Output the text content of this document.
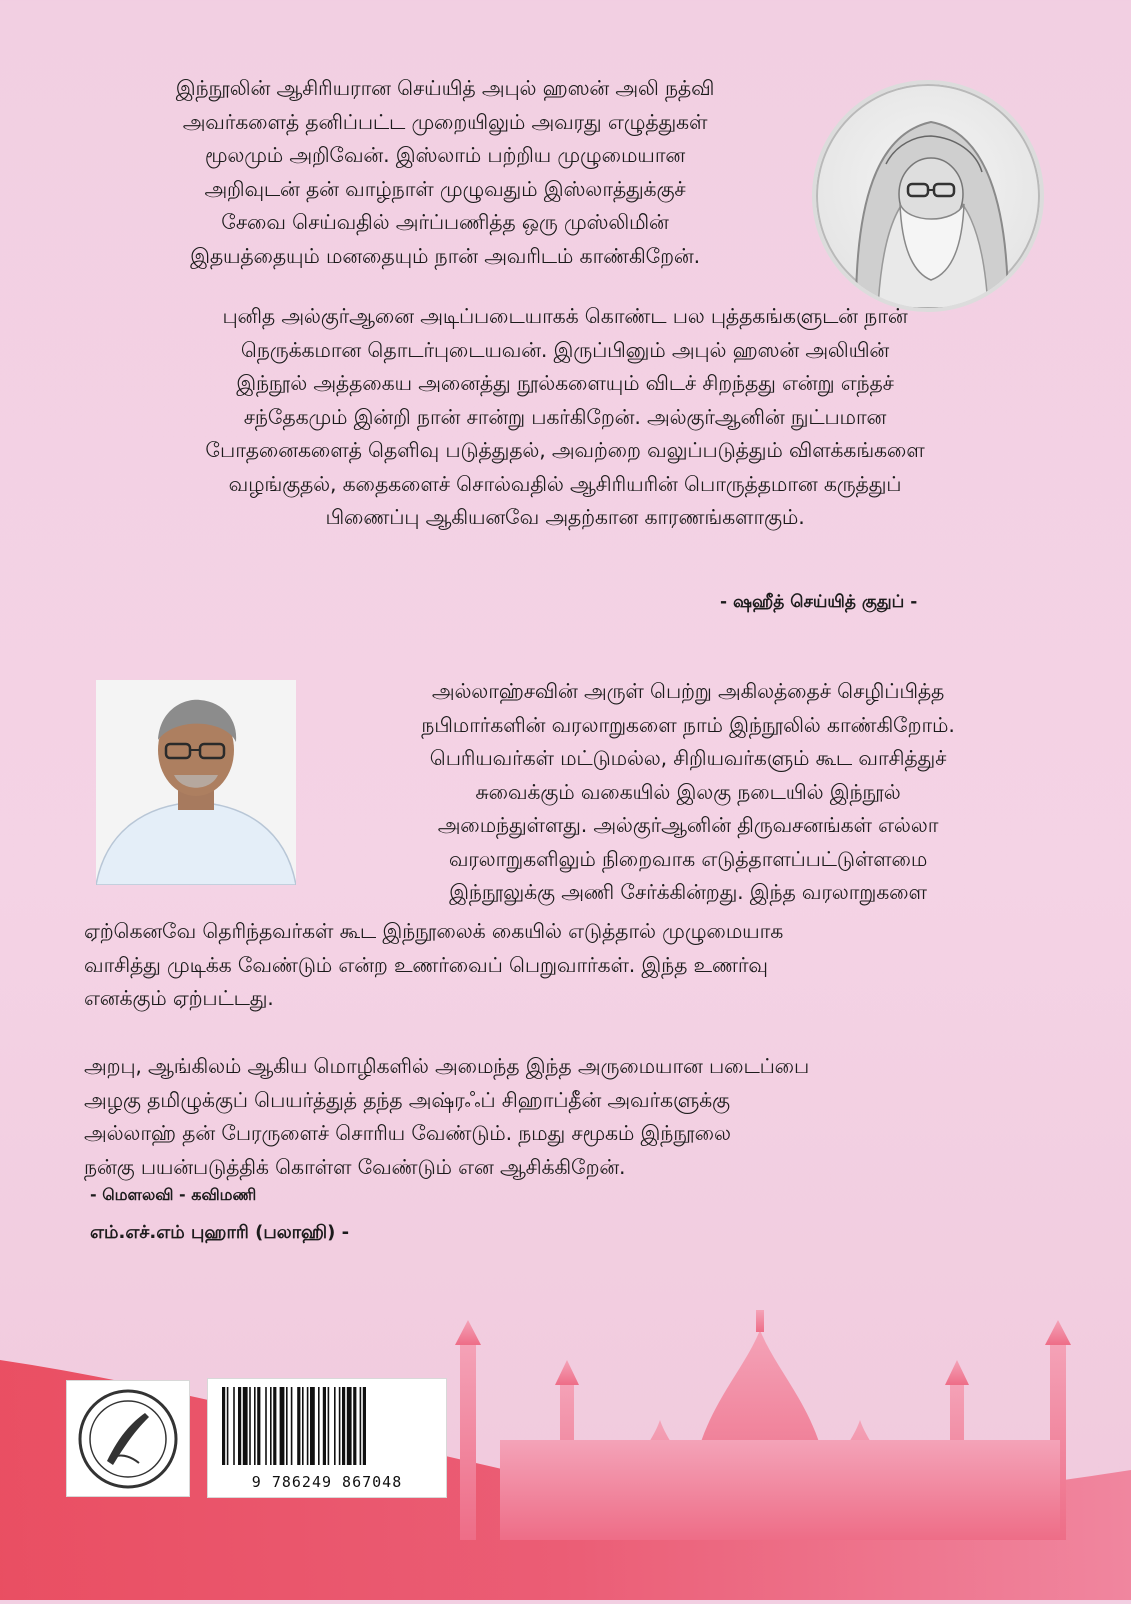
இந்நூலின் ஆசிரியரான செய்யித் அபுல் ஹஸன் அலி நத்வி
அவர்களைத் தனிப்பட்ட முறையிலும் அவரது எழுத்துகள்
மூலமும் அறிவேன். இஸ்லாம் பற்றிய முழுமையான
அறிவுடன் தன் வாழ்நாள் முழுவதும் இஸ்லாத்துக்குச்
சேவை செய்வதில் அர்ப்பணித்த ஒரு முஸ்லிமின்
இதயத்தையும் மனதையும் நான் அவரிடம் காண்கிறேன்.
புனித அல்குர்ஆனை அடிப்படையாகக் கொண்ட பல புத்தகங்களுடன் நான்
நெருக்கமான தொடர்புடையவன். இருப்பினும் அபுல் ஹஸன் அலியின்
இந்நூல் அத்தகைய அனைத்து நூல்களையும் விடச் சிறந்தது என்று எந்தச்
சந்தேகமும் இன்றி நான் சான்று பகர்கிறேன். அல்குர்ஆனின் நுட்பமான
போதனைகளைத் தெளிவு படுத்துதல், அவற்றை வலுப்படுத்தும் விளக்கங்களை
வழங்குதல், கதைகளைச் சொல்வதில் ஆசிரியரின் பொருத்தமான கருத்துப்
பிணைப்பு ஆகியனவே அதற்கான காரணங்களாகும்.
- ஷஹீத் செய்யித் குதுப் -
அல்லாஹ்சவின் அருள் பெற்று அகிலத்தைச் செழிப்பித்த
நபிமார்களின் வரலாறுகளை நாம் இந்நூலில் காண்கிறோம்.
பெரியவர்கள் மட்டுமல்ல, சிறியவர்களும் கூட வாசித்துச்
சுவைக்கும் வகையில் இலகு நடையில் இந்நூல்
அமைந்துள்ளது. அல்குர்ஆனின் திருவசனங்கள் எல்லா
வரலாறுகளிலும் நிறைவாக எடுத்தாளப்பட்டுள்ளமை
இந்நூலுக்கு அணி சேர்க்கின்றது. இந்த வரலாறுகளை
ஏற்கெனவே தெரிந்தவர்கள் கூட இந்நூலைக் கையில் எடுத்தால் முழுமையாக
வாசித்து முடிக்க வேண்டும் என்ற உணர்வைப் பெறுவார்கள். இந்த உணர்வு
எனக்கும் ஏற்பட்டது.
அறபு, ஆங்கிலம் ஆகிய மொழிகளில் அமைந்த இந்த அருமையான படைப்பை
அழகு தமிழுக்குப் பெயர்த்துத் தந்த அஷ்ரஃப் சிஹாப்தீன் அவர்களுக்கு
அல்லாஹ் தன் பேரருளைச் சொரிய வேண்டும். நமது சமூகம் இந்நூலை
நன்கு பயன்படுத்திக் கொள்ள வேண்டும் என ஆசிக்கிறேன்.
- மௌலவி - கவிமணி
எம்.எச்.எம் புஹாரி (பலாஹி) -
9 786249 867048
